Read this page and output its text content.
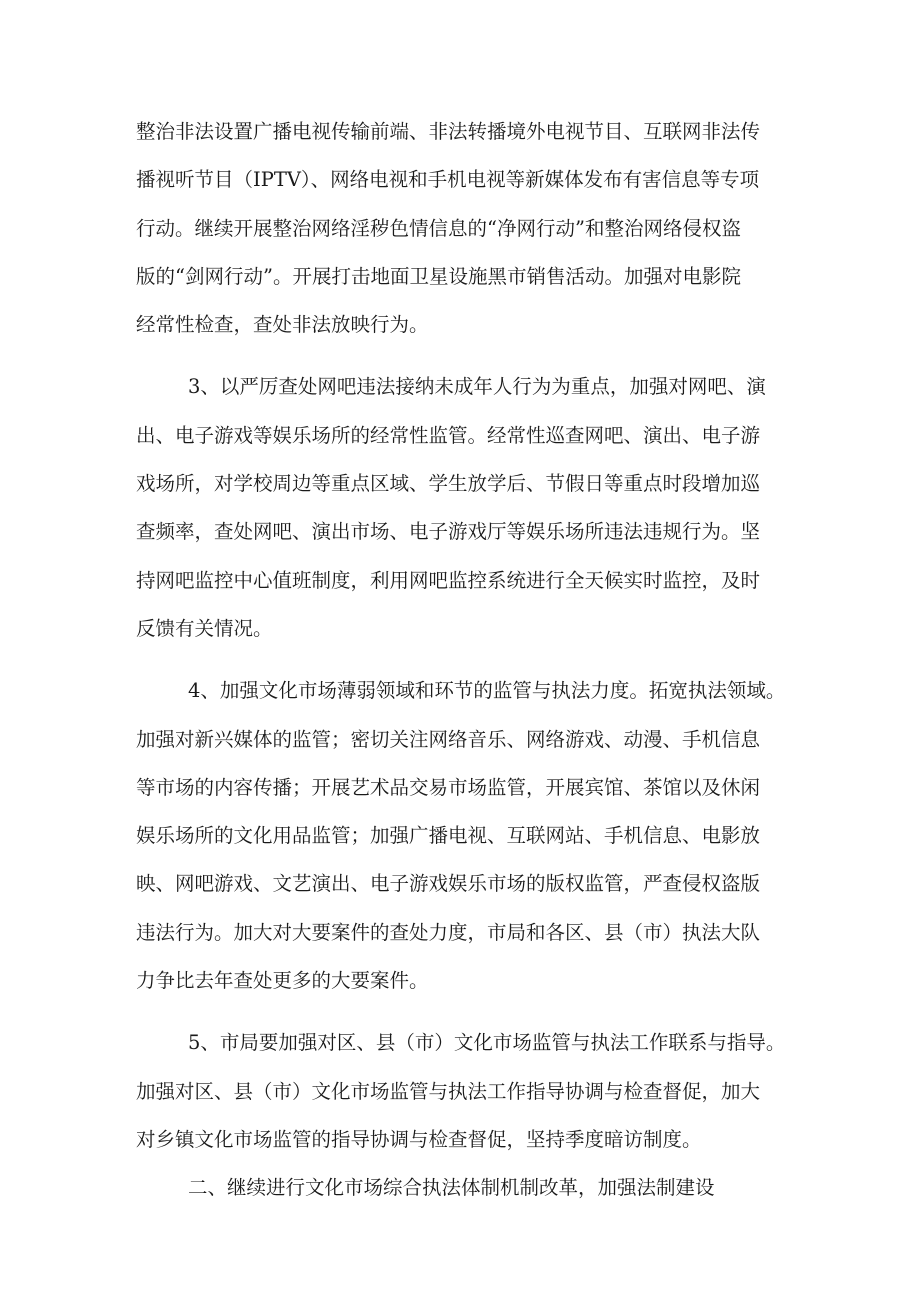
整治非法设置广播电视传输前端、非法转播境外电视节目、互联网非法传
播视听节目（IPTV）、网络电视和手机电视等新媒体发布有害信息等专项
行动。继续开展整治网络淫秽色情信息的“净网行动”和整治网络侵权盗
版的“剑网行动”。开展打击地面卫星设施黑市销售活动。加强对电影院
经常性检查，查处非法放映行为。

3、以严厉查处网吧违法接纳未成年人行为为重点，加强对网吧、演
出、电子游戏等娱乐场所的经常性监管。经常性巡查网吧、演出、电子游
戏场所，对学校周边等重点区域、学生放学后、节假日等重点时段增加巡
查频率，查处网吧、演出市场、电子游戏厅等娱乐场所违法违规行为。坚
持网吧监控中心值班制度，利用网吧监控系统进行全天候实时监控，及时
反馈有关情况。

4、加强文化市场薄弱领域和环节的监管与执法力度。拓宽执法领域。
加强对新兴媒体的监管；密切关注网络音乐、网络游戏、动漫、手机信息
等市场的内容传播；开展艺术品交易市场监管，开展宾馆、茶馆以及休闲
娱乐场所的文化用品监管；加强广播电视、互联网站、手机信息、电影放
映、网吧游戏、文艺演出、电子游戏娱乐市场的版权监管，严查侵权盗版
违法行为。加大对大要案件的查处力度，市局和各区、县（市）执法大队
力争比去年查处更多的大要案件。

5、市局要加强对区、县（市）文化市场监管与执法工作联系与指导。
加强对区、县（市）文化市场监管与执法工作指导协调与检查督促，加大
对乡镇文化市场监管的指导协调与检查督促，坚持季度暗访制度。

二、继续进行文化市场综合执法体制机制改革，加强法制建设
